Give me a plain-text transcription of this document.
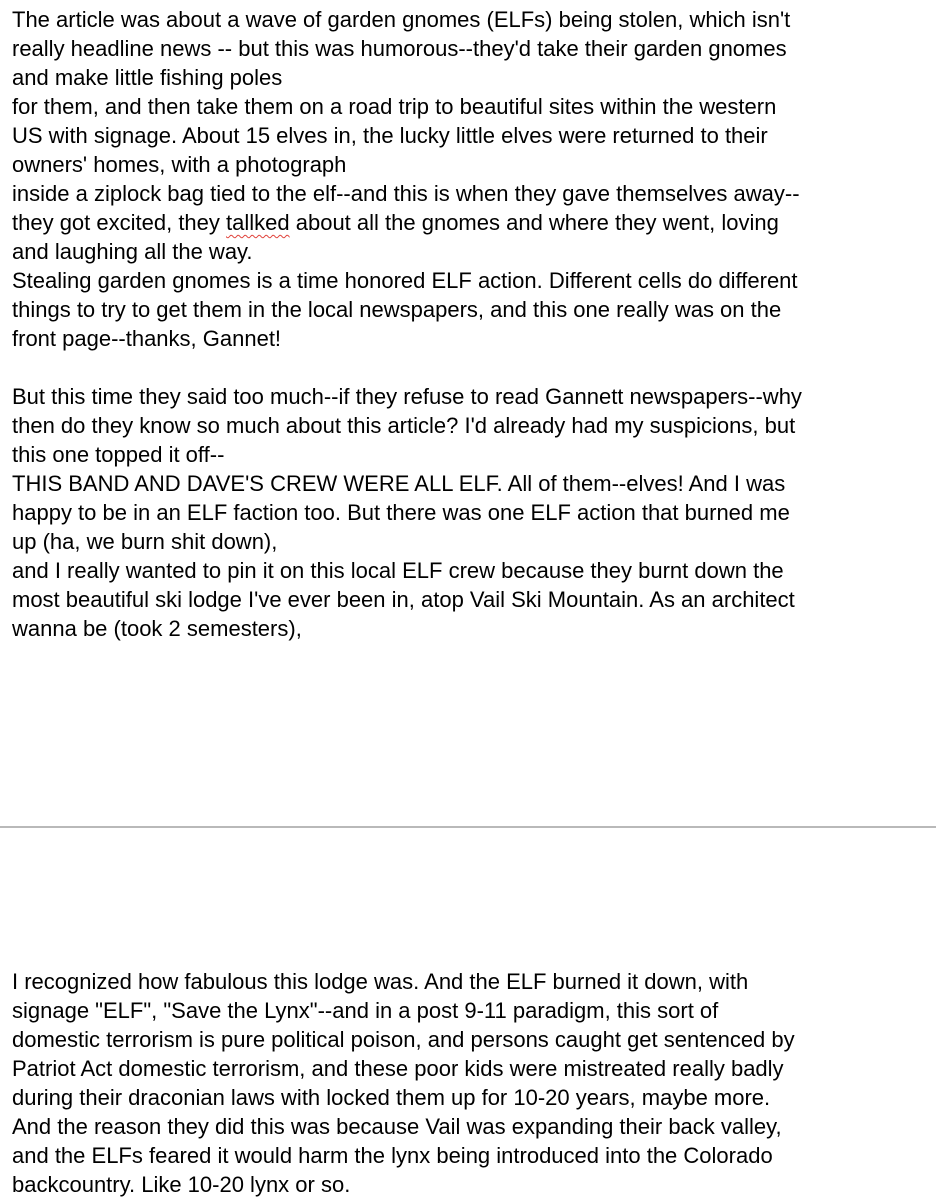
The article was about a wave of garden gnomes (ELFs) being stolen, which isn't
really headline news -- but this was humorous--they'd take their garden gnomes
and make little fishing poles
for them, and then take them on a road trip to beautiful sites within the western
US with signage. About 15 elves in, the lucky little elves were returned to their
owners' homes, with a photograph
inside a ziplock bag tied to the elf--and this is when they gave themselves away--
they got excited, they tallked about all the gnomes and where they went, loving
and laughing all the way.
Stealing garden gnomes is a time honored ELF action. Different cells do different
things to try to get them in the local newspapers, and this one really was on the
front page--thanks, Gannet!
But this time they said too much--if they refuse to read Gannett newspapers--why
then do they know so much about this article? I'd already had my suspicions, but
this one topped it off--
THIS BAND AND DAVE'S CREW WERE ALL ELF. All of them--elves! And I was
happy to be in an ELF faction too. But there was one ELF action that burned me
up (ha, we burn shit down),
and I really wanted to pin it on this local ELF crew because they burnt down the
most beautiful ski lodge I've ever been in, atop Vail Ski Mountain. As an architect
wanna be (took 2 semesters),
I recognized how fabulous this lodge was. And the ELF burned it down, with
signage "ELF", "Save the Lynx"--and in a post 9-11 paradigm, this sort of
domestic terrorism is pure political poison, and persons caught get sentenced by
Patriot Act domestic terrorism, and these poor kids were mistreated really badly
during their draconian laws with locked them up for 10-20 years, maybe more.
And the reason they did this was because Vail was expanding their back valley,
and the ELFs feared it would harm the lynx being introduced into the Colorado
backcountry. Like 10-20 lynx or so.
